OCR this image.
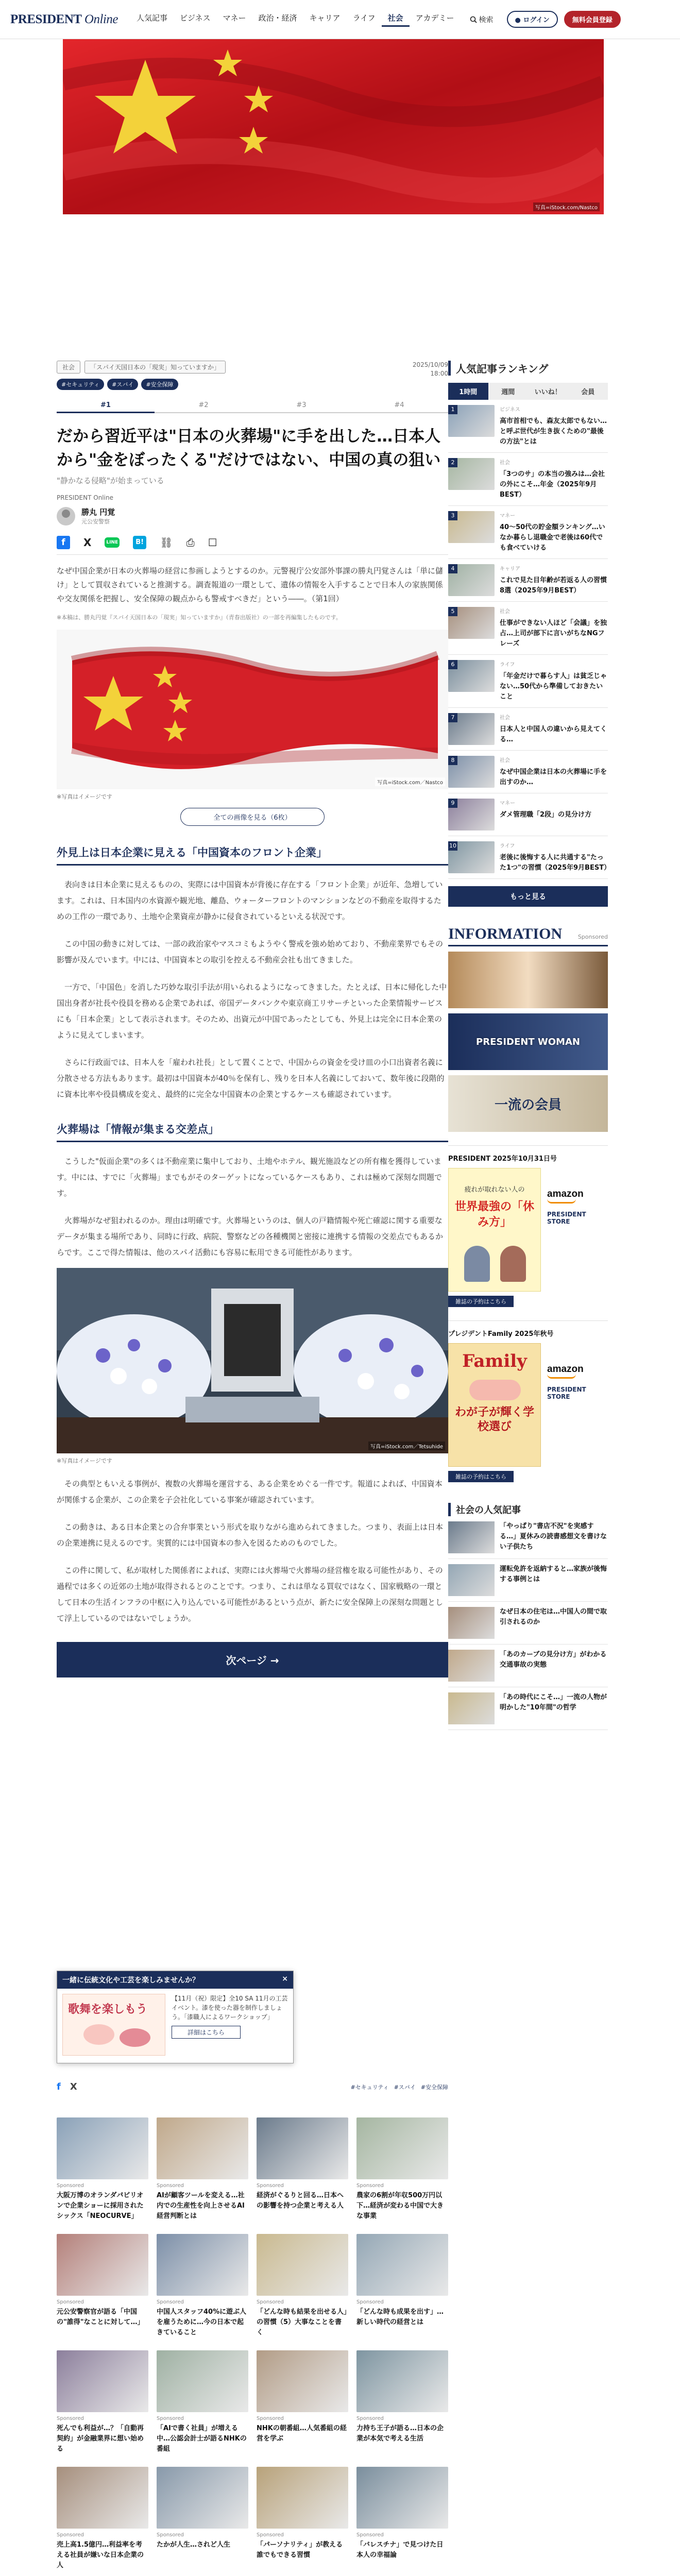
PRESIDENT Online	人気記事	ビジネス	マネー	政治・経済	キャリア	ライフ	社会	アカデミー	検索	● ログイン	無料会員登録
写真=iStock.com/Nastco
社会	「スパイ天国日本の「現実」知っていますか」
#セキュリティ	#スパイ	#安全保障
2025/10/09
18:00
#1	#2	#3	#4
だから習近平は"日本の火葬場"に手を出した…日本人から"金をぼったくる"だけではない、中国の真の狙い
"静かなる侵略"が始まっている
PRESIDENT Online
勝丸 円覚
元公安警察
f	X	LINE	B! ⛓ ⎙ ☐
なぜ中国企業が日本の火葬場の経営に参画しようとするのか。元警視庁公安部外事課の勝丸円覚さんは「単に儲け」として買収されていると推測する。調査報道の一環として、遺体の情報を入手することで日本人の家族関係や交友関係を把握し、安全保障の観点からも警戒すべきだ」という――。（第1回）
※本稿は、勝丸円覚『スパイ天国日本の「現実」知っていますか』（青春出版社）の一部を再編集したものです。
写真=iStock.com／Nastco
※写真はイメージです
全ての画像を見る（6枚）
外見上は日本企業に見える「中国資本のフロント企業」

表向きは日本企業に見えるものの、実際には中国資本が背後に存在する「フロント企業」が近年、急増しています。これは、日本国内の水資源や観光地、離島、ウォーターフロントのマンションなどの不動産を取得するための工作の一環であり、土地や企業資産が静かに侵食されているといえる状況です。

この中国の動きに対しては、一部の政治家やマスコミもようやく警戒を強め始めており、不動産業界でもその影響が及んでいます。中には、中国資本との取引を控える不動産会社も出てきました。

一方で、「中国色」を消した巧妙な取引手法が用いられるようになってきました。たとえば、日本に帰化した中国出身者が社長や役員を務める企業であれば、帝国データバンクや東京商工リサーチといった企業情報サービスにも「日本企業」として表示されます。そのため、出資元が中国であったとしても、外見上は完全に日本企業のように見えてしまいます。

さらに行政面では、日本人を「雇われ社長」として置くことで、中国からの資金を受け皿の小口出資者名義に分散させる方法もあります。最初は中国資本が40％を保有し、残りを日本人名義にしておいて、数年後に段階的に資本比率や役員構成を変え、最終的に完全な中国資本の企業とするケースも確認されています。

火葬場は「情報が集まる交差点」

こうした"仮面企業"の多くは不動産業に集中しており、土地やホテル、観光施設などの所有権を獲得しています。中には、すでに「火葬場」までもがそのターゲットになっているケースもあり、これは極めて深刻な問題です。

火葬場がなぜ狙われるのか。理由は明確です。火葬場というのは、個人の戸籍情報や死亡確認に関する重要なデータが集まる場所であり、同時に行政、病院、警察などの各種機関と密接に連携する情報の交差点でもあるからです。ここで得た情報は、他のスパイ活動にも容易に転用できる可能性があります。

写真=iStock.com／Tetsuhide
※写真はイメージです

その典型ともいえる事例が、複数の火葬場を運営する、ある企業をめぐる一件です。報道によれば、中国資本が関係する企業が、この企業を子会社化している事案が確認されています。

この動きは、ある日本企業との合弁事業という形式を取りながら進められてきました。つまり、表面上は日本の企業連携に見えるのです。実質的には中国資本の参入を図るためのものでした。

この件に関して、私が取材した関係者によれば、実際には火葬場で火葬場の経営権を取る可能性があり、その過程では多くの近郊の土地が取得されるとのことです。つまり、これは単なる買収ではなく、国家戦略の一環として日本の生活インフラの中枢に入り込んでいる可能性があるという点が、新たに安全保障上の深刻な問題として浮上しているのではないでしょうか。

次ページ →
一緒に伝統文化や工芸を楽しみませんか？	×
歌舞を楽しもう
【11月（祝）限定】全10 SA 11月の工芸イベント。漆を使った器を制作しましょう。「漆職人によるワークショップ」
詳細はこちら
f X	#セキュリティ #スパイ #安全保障
Sponsored
大阪万博のオランダパビリオンで企業ショーに採用されたシックス「NEOCURVE」
Sponsored
AIが顧客ツールを変える…社内での生産性を向上させるAI経営判断とは
Sponsored
経済がぐるりと回る…日本への影響を持つ企業と考える人
Sponsored
農家の6割が年収500万円以下…経済が変わる中国で大きな事業
Sponsored
元公安警察官が語る「中国の"誰得"なことに対して…」
Sponsored
中国人スタッフ40%に遊ぶ人を雇うために…今の日本で起きていること
Sponsored
「どんな時も結果を出せる人」の習慣（5）大事なことを書く
Sponsored
「どんな時も成果を出す」…新しい時代の経営とは
Sponsored
死んでも利益が…？「自動再契約」が金融業界に想い始める
Sponsored
「AIで書く社員」が増える中…公認会計士が語るNHKの番組
Sponsored
NHKの朝番組…人気番組の経営を学ぶ
Sponsored
力持ち王子が語る…日本の企業が本気で考える生活
Sponsored
売上高1.5億円…利益率を考える社員が嫌いな日本企業の人
Sponsored
たかが人生…されど人生
Sponsored
「パーソナリティ」が教える誰でもできる習慣
Sponsored
「バレスチナ」で見つけた日本人の幸福論
人気記事ランキング
1時間	週間	いいね！	会員
1	ビジネス
高市首相でも、森友太郎でもない…と呼ぶ世代が生き抜くための"最後の方法"とは
2	社会
「3つのサ」の本当の強みは…会社の外にこそ…年金（2025年9月BEST）
3	マネー
40～50代の貯金額ランキング…いなか暮らし退職金で老後は60代でも食べていける
4	キャリア
これで見た目年齢が若返る人の習慣8選（2025年9月BEST）
5	社会
仕事ができない人ほど「会議」を独占…上司が部下に言いがちなNGフレーズ
6	ライフ
「年金だけで暮らす人」は貧乏じゃない…50代から準備しておきたいこと
7	社会
日本人と中国人の違いから見えてくる…
8	社会
なぜ中国企業は日本の火葬場に手を出すのか…
9	マネー
ダメ管理職「2段」の見分け方
10	ライフ
老後に後悔する人に共通する"たった1つ"の習慣（2025年9月BEST）
もっと見る
INFORMATION	Sponsored
PRESIDENT WOMAN
一流の会員
PRESIDENT 2025年10月31日号
疲れが取れない人の
世界最強の「休み方」
amazon
PRESIDENT STORE
雑誌の予約はこちら
プレジデントFamily 2025年秋号
Family
わが子が輝く学校選び
amazon
PRESIDENT STORE
雑誌の予約はこちら
社会の人気記事
「やっぱり"書店不況"を実感する…」夏休みの読書感想文を書けない子供たち
運転免許を返納すると…家族が後悔する事例とは
なぜ日本の住宅は…中国人の間で取引されるのか
「あのカーブの見分け方」がわかる交通事故の実態
「あの時代にこそ…」一流の人物が明かした"10年間"の哲学
